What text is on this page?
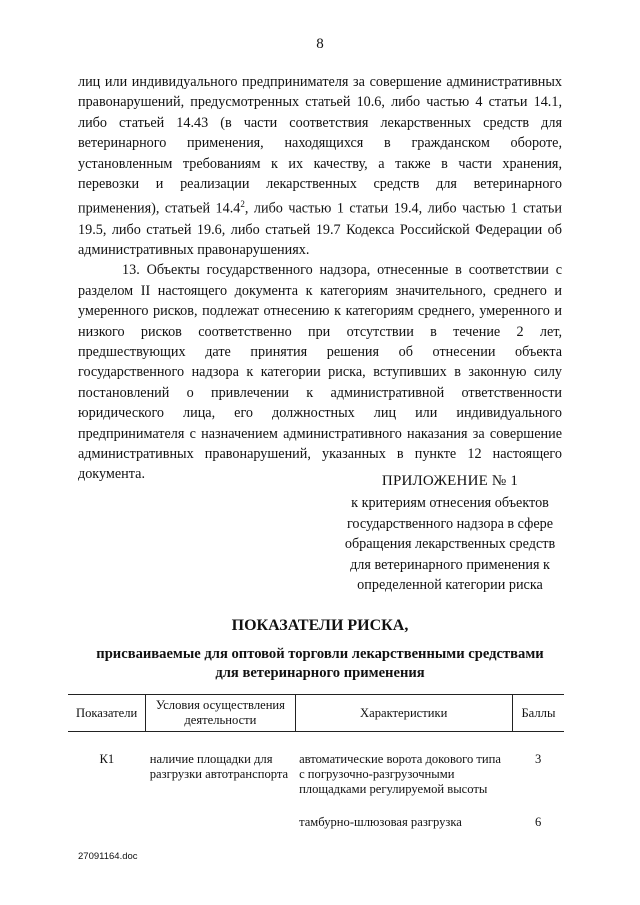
8

лиц или индивидуального предпринимателя за совершение административных правонарушений, предусмотренных статьей 10.6, либо частью 4 статьи 14.1, либо статьей 14.43 (в части соответствия лекарственных средств для ветеринарного применения, находящихся в гражданском обороте, установленным требованиям к их качеству, а также в части хранения, перевозки и реализации лекарственных средств для ветеринарного применения), статьей 14.4$^2$, либо частью 1 статьи 19.4, либо частью 1 статьи 19.5, либо статьей 19.6, либо статьей 19.7 Кодекса Российской Федерации об административных правонарушениях.

13. Объекты государственного надзора, отнесенные в соответствии с разделом II настоящего документа к категориям значительного, среднего и умеренного рисков, подлежат отнесению к категориям среднего, умеренного и низкого рисков соответственно при отсутствии в течение 2 лет, предшествующих дате принятия решения об отнесении объекта государственного надзора к категории риска, вступивших в законную силу постановлений о привлечении к административной ответственности юридического лица, его должностных лиц или индивидуального предпринимателя с назначением административного наказания за совершение административных правонарушений, указанных в пункте 12 настоящего документа.	ПРИЛОЖЕНИЕ № 1
к критериям отнесения объектов
государственного надзора в сфере
обращения лекарственных средств
для ветеринарного применения к
определенной категории риска
ПОКАЗАТЕЛИ РИСКА,
присваиваемые для оптовой торговли лекарственными средствами
для ветеринарного применения
Показатели	Условия осуществления деятельности	Характеристики	Баллы

К1	наличие площадки для разгрузки автотранспорта	автоматические ворота докового типа с погрузочно-разгрузочными площадками регулируемой высоты	3
		тамбурно-шлюзовая разгрузка	6
27091164.doc
